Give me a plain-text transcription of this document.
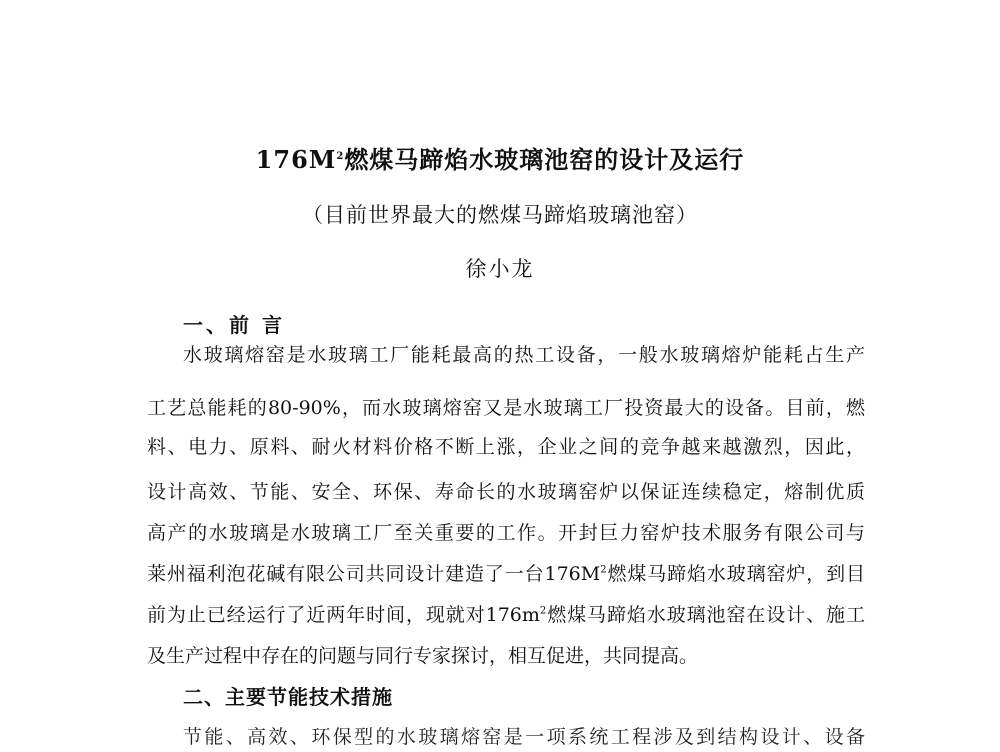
$176M^2$燃煤马蹄焰水玻璃池窑的设计及运行
（目前世界最大的燃煤马蹄焰玻璃池窑）
徐小龙
一、前 言
水玻璃熔窑是水玻璃工厂能耗最高的热工设备，一般水玻璃熔炉能耗占生产
工艺总能耗的80-90%，而水玻璃熔窑又是水玻璃工厂投资最大的设备。目前，燃
料、电力、原料、耐火材料价格不断上涨，企业之间的竞争越来越激烈，因此，
设计高效、节能、安全、环保、寿命长的水玻璃窑炉以保证连续稳定，熔制优质
高产的水玻璃是水玻璃工厂至关重要的工作。开封巨力窑炉技术服务有限公司与
莱州福利泡花碱有限公司共同设计建造了一台$176M^2$燃煤马蹄焰水玻璃窑炉，到目
前为止已经运行了近两年时间，现就对$176m^2$燃煤马蹄焰水玻璃池窑在设计、施工
及生产过程中存在的问题与同行专家探讨，相互促进，共同提高。
二、主要节能技术措施
节能、高效、环保型的水玻璃熔窑是一项系统工程涉及到结构设计、设备
